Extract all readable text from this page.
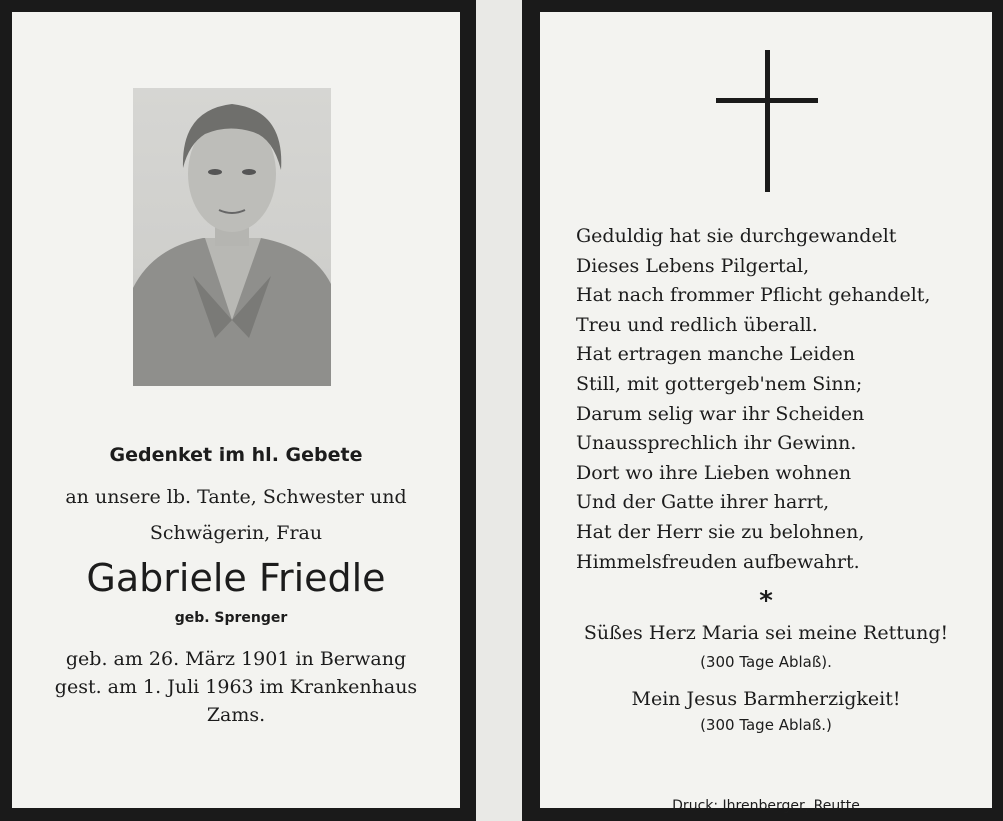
Gedenket im hl. Gebete
an unsere lb. Tante, Schwester und
Schwägerin, Frau
Gabriele Friedle
geb. Sprenger
geb. am 26. März 1901 in Berwang
gest. am 1. Juli 1963 im Krankenhaus
Zams.
Geduldig hat sie durchgewandelt
Dieses Lebens Pilgertal,
Hat nach frommer Pflicht gehandelt,
Treu und redlich überall.
Hat ertragen manche Leiden
Still, mit gottergeb'nem Sinn;
Darum selig war ihr Scheiden
Unaussprechlich ihr Gewinn.
Dort wo ihre Lieben wohnen
Und der Gatte ihrer harrt,
Hat der Herr sie zu belohnen,
Himmelsfreuden aufbewahrt.
*
Süßes Herz Maria sei meine Rettung!
(300 Tage Ablaß).
Mein Jesus Barmherzigkeit!
(300 Tage Ablaß.)
Druck: Ihrenberger, Reutte
